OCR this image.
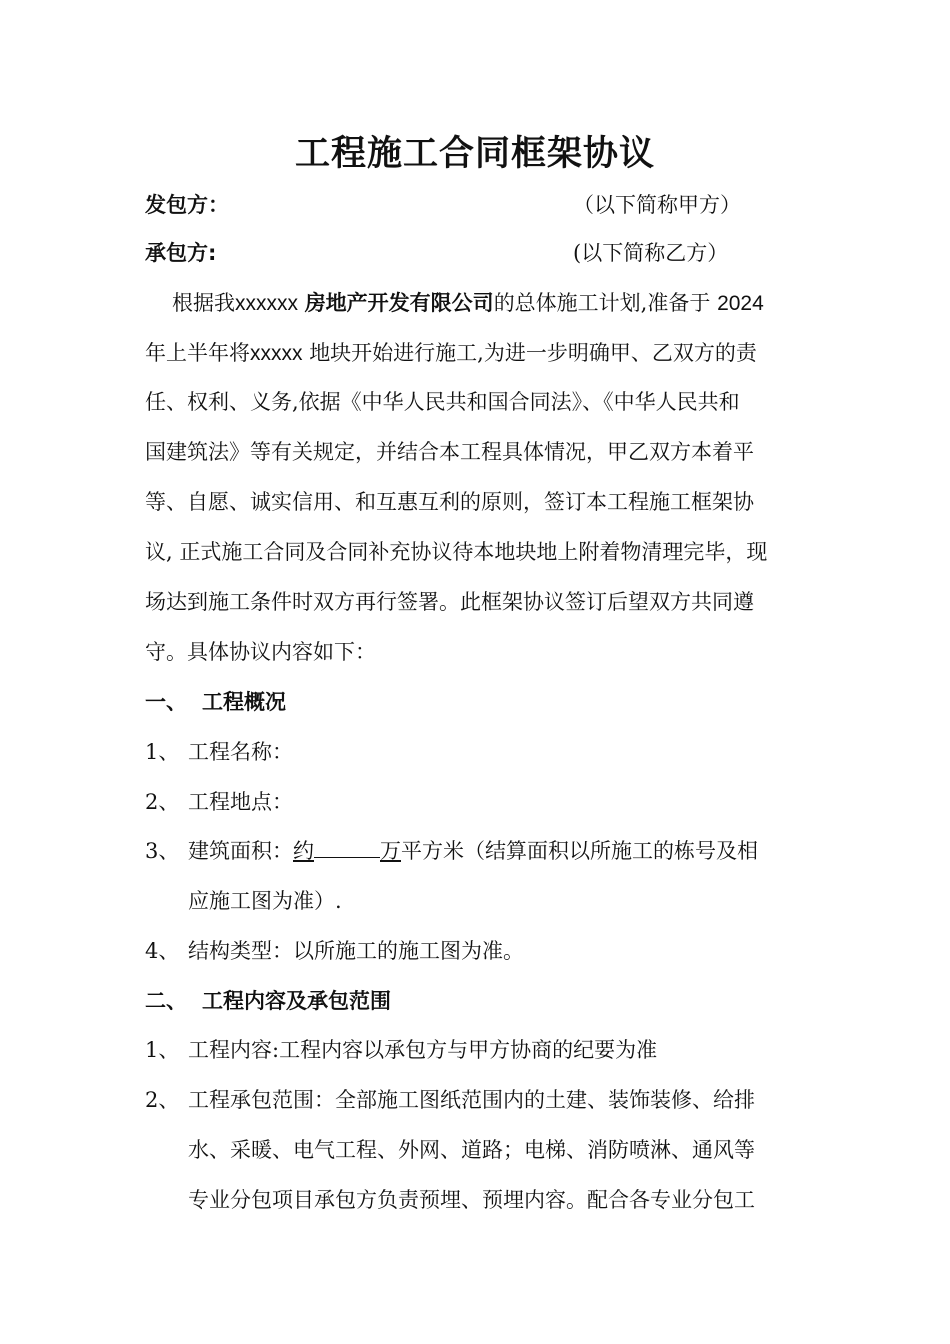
工程施工合同框架协议
发包方：	（以下简称甲方）
承包方:	(以下简称乙方）
根据我xxxxxx 房地产开发有限公司的总体施工计划,准备于 2024
年上半年将xxxxx 地块开始进行施工,为进一步明确甲、乙双方的责
任、权利、义务,依据《中华人民共和国合同法》、《中华人民共和
国建筑法》等有关规定，并结合本工程具体情况，甲乙双方本着平
等、自愿、诚实信用、和互惠互利的原则，签订本工程施工框架协
议, 正式施工合同及合同补充协议待本地块地上附着物清理完毕，现
场达到施工条件时双方再行签署。此框架协议签订后望双方共同遵
守。具体协议内容如下：
一、 工程概况
1、 工程名称：
2、 工程地点：
3、 建筑面积：约	万平方米（结算面积以所施工的栋号及相
应施工图为准）.
4、 结构类型：以所施工的施工图为准。
二、 工程内容及承包范围
1、 工程内容:工程内容以承包方与甲方协商的纪要为准
2、 工程承包范围：全部施工图纸范围内的土建、装饰装修、给排
水、采暖、电气工程、外网、道路；电梯、消防喷淋、通风等
专业分包项目承包方负责预埋、预埋内容。配合各专业分包工
